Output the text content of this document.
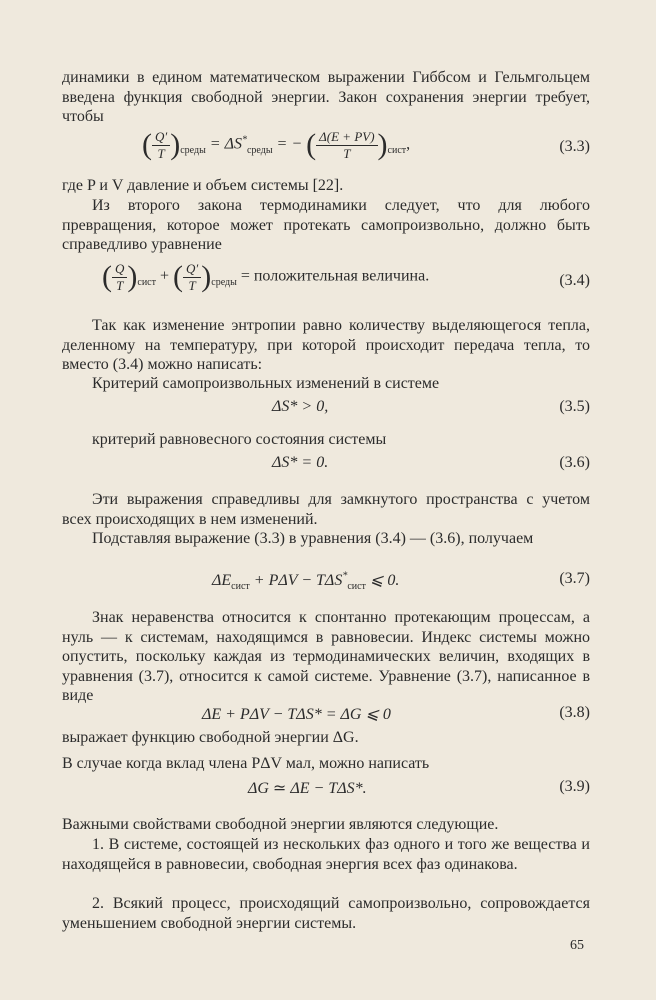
динамики в едином математическом выражении Гиббсом и Гельмгольцем введена функция свободной энергии. Закон сохранения энергии требует, чтобы

( $\frac{Q'}{T} )_{среды} = \Delta S^*_{среды}$ = − ( $\frac{\Delta(E + PV)}{T} )_{сист}$,	(3.3)

где P и V давление и объем системы [22].

Из второго закона термодинамики следует, что для любого превращения, которое может протекать самопроизвольно, должно быть справедливо уравнение

( $\frac{Q}{T} )_{сист}$ + ( $\frac{Q'}{T} )_{среды}$ = положительная величина.	(3.4)

Так как изменение энтропии равно количеству выделяющегося тепла, деленному на температуру, при которой происходит передача тепла, то вместо (3.4) можно написать:

Критерий самопроизвольных изменений в системе

ΔS* > 0,	(3.5)

критерий равновесного состояния системы

ΔS* = 0.	(3.6)

Эти выражения справедливы для замкнутого пространства с учетом всех происходящих в нем изменений.

Подставляя выражение (3.3) в уравнения (3.4) — (3.6), получаем

$\Delta E_{сист} + P\Delta V - T\Delta S^*_{сист}$ ⩽ 0.	(3.7)

Знак неравенства относится к спонтанно протекающим процессам, а нуль — к системам, находящимся в равновесии. Индекс системы можно опустить, поскольку каждая из термодинамических величин, входящих в уравнения (3.7), относится к самой системе. Уравнение (3.7), написанное в виде

ΔE + PΔV − TΔS* = ΔG ⩽ 0	(3.8)

выражает функцию свободной энергии ΔG.

В случае когда вклад члена PΔV мал, можно написать

ΔG ≃ ΔE − TΔS*.	(3.9)

Важными свойствами свободной энергии являются следующие.

1. В системе, состоящей из нескольких фаз одного и того же вещества и находящейся в равновесии, свободная энергия всех фаз одинакова.

2. Всякий процесс, происходящий самопроизвольно, сопровождается уменьшением свободной энергии системы.

65
